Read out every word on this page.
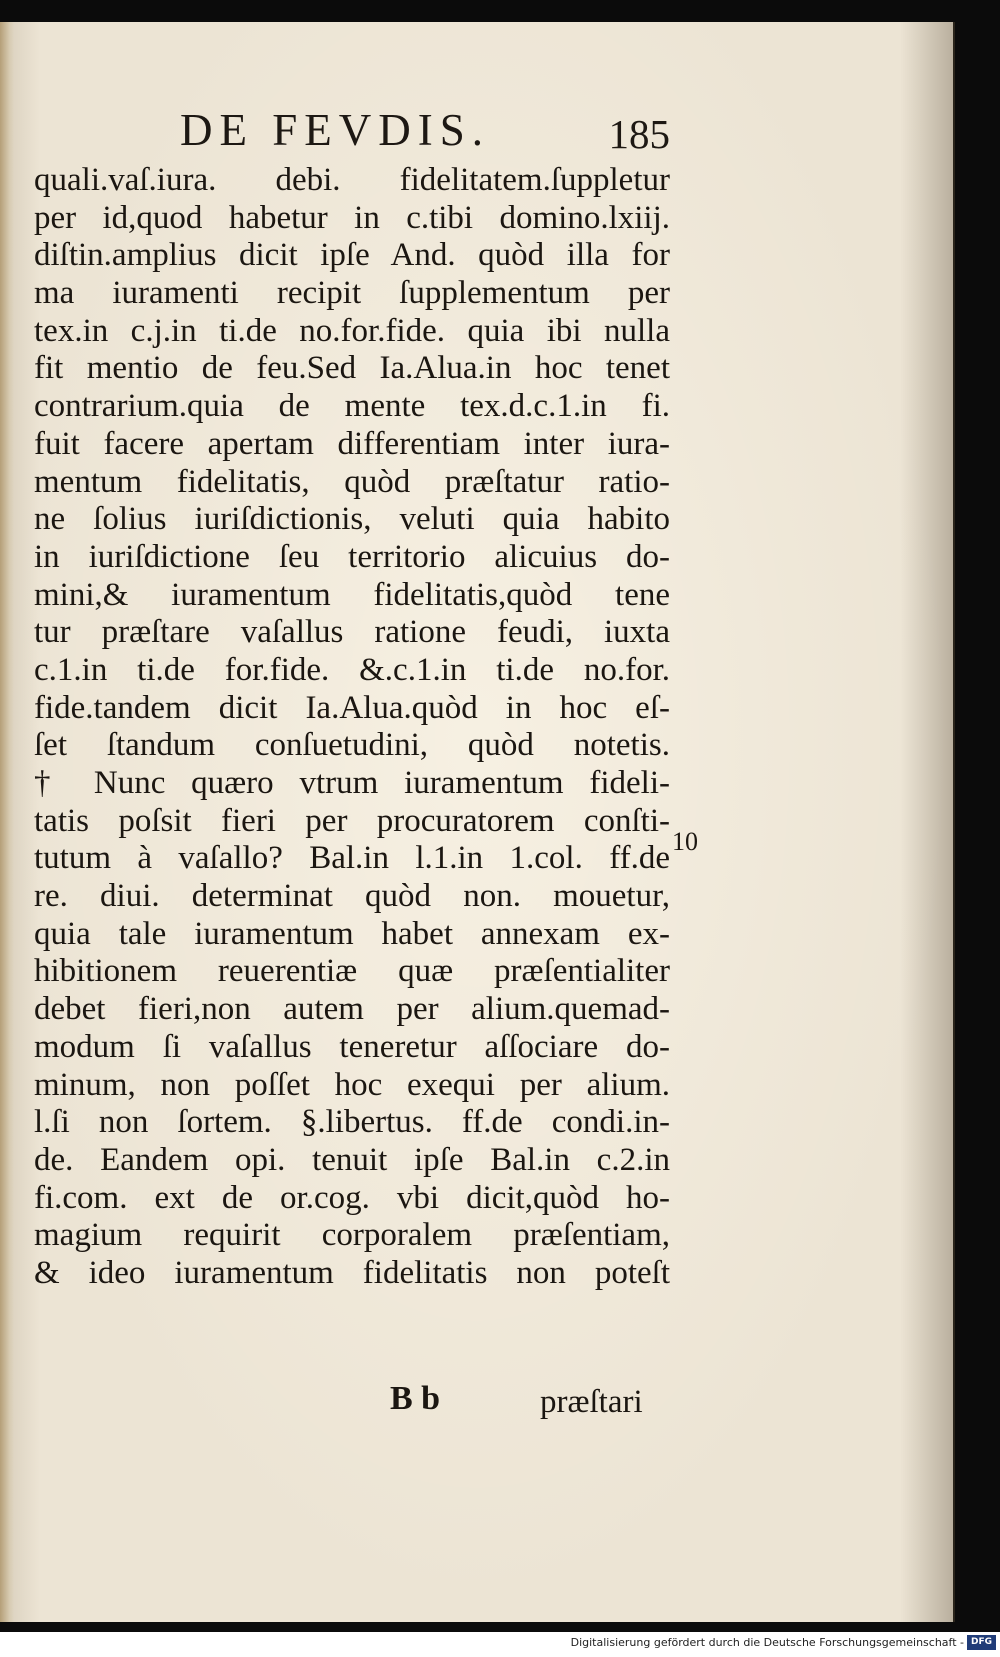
DE FEVDIS.	185
quali.vaſ.iura. debi. fidelitatem.ſuppletur
per id,quod habetur in c.tibi domino.lxiij.
diſtin.amplius dicit ipſe And. quòd illa for
ma iuramenti recipit ſupplementum per
tex.in c.j.in ti.de no.for.fide. quia ibi nulla
fit mentio de feu.Sed Ia.Alua.in hoc tenet
contrarium.quia de mente tex.d.c.1.in fi.
fuit facere apertam differentiam inter iura-
mentum fidelitatis, quòd præſtatur ratio-
ne ſolius iuriſdictionis, veluti quia habito
in iuriſdictione ſeu territorio alicuius do-
mini,& iuramentum fidelitatis,quòd tene
tur præſtare vaſallus ratione feudi, iuxta
c.1.in ti.de for.fide. &.c.1.in ti.de no.for.
fide.tandem dicit Ia.Alua.quòd in hoc eſ-
ſet ſtandum conſuetudini, quòd notetis.
† Nunc quæro vtrum iuramentum fideli-
tatis poſsit fieri per procuratorem conſti-
tutum à vaſallo? Bal.in l.1.in 1.col. ff.de
re. diui. determinat quòd non. mouetur,
quia tale iuramentum habet annexam ex-
hibitionem reuerentiæ quæ præſentialiter
debet fieri,non autem per alium.quemad-
modum ſi vaſallus teneretur aſſociare do-
minum, non poſſet hoc exequi per alium.
l.ſi non ſortem. §.libertus. ff.de condi.in-
de. Eandem opi. tenuit ipſe Bal.in c.2.in
fi.com. ext de or.cog. vbi dicit,quòd ho-
magium requirit corporalem præſentiam,
& ideo iuramentum fidelitatis non poteſt
10
B b	præſtari
Digitalisierung gefördert durch die Deutsche Forschungsgemeinschaft - DFG
